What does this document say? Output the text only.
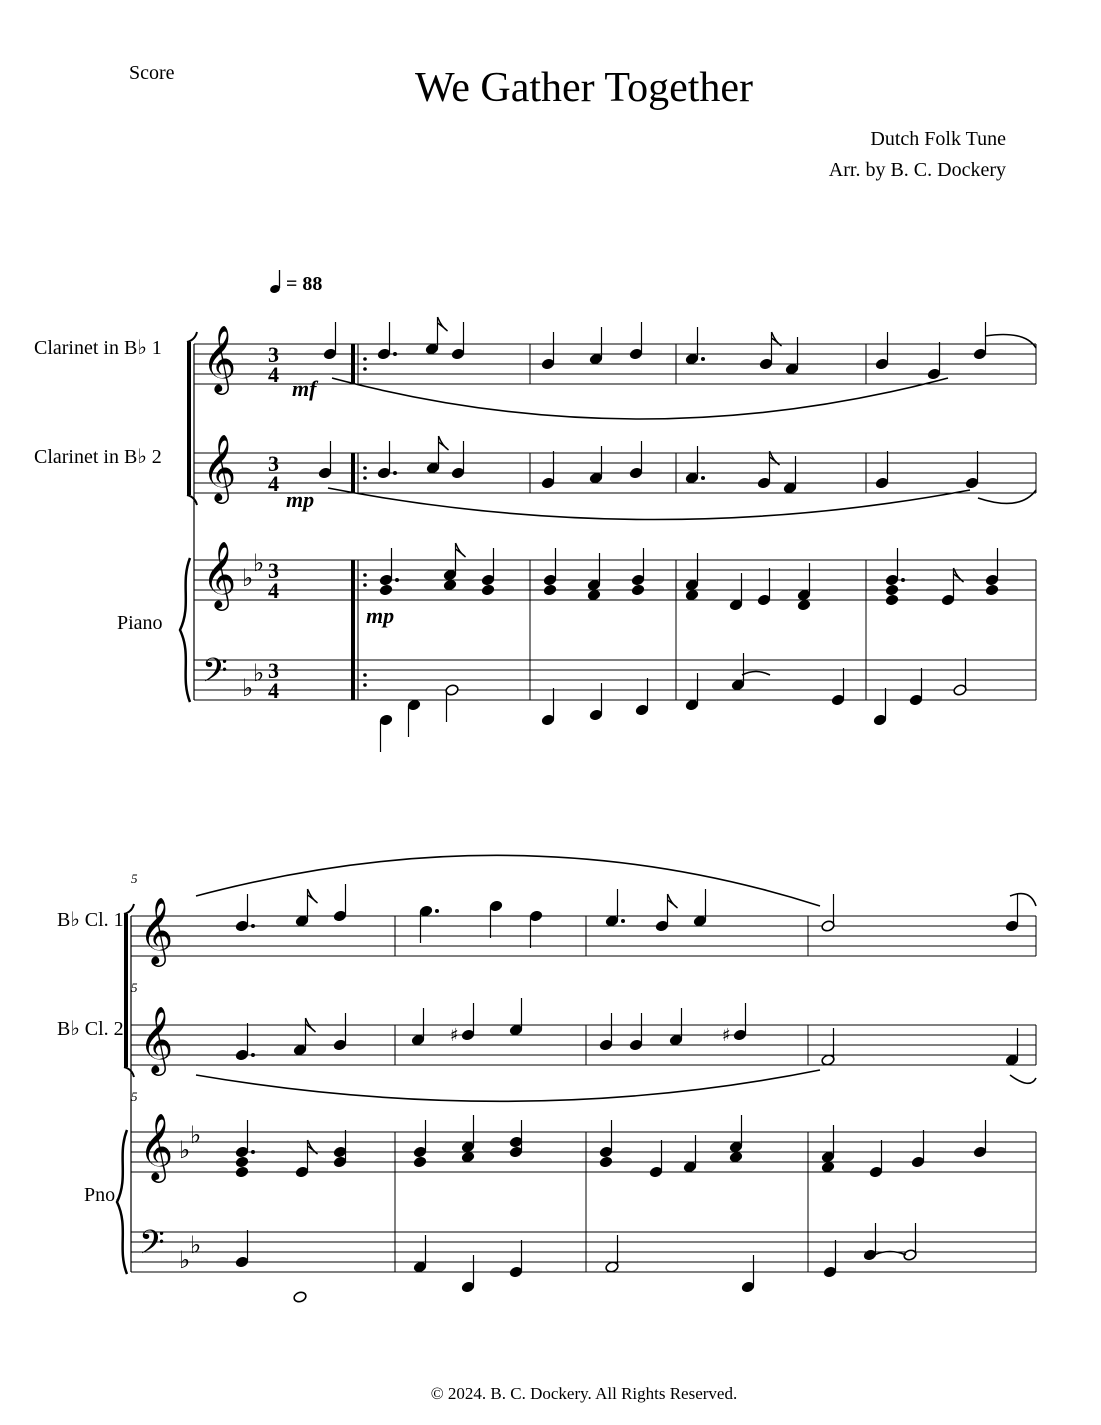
Score	We Gather Together
Dutch Folk Tune
Arr. by B. C. Dockery
= 88
Clarinet in B♭ 1
Clarinet in B♭ 2
Piano
B♭ Cl. 1
B♭ Cl. 2
Pno.
𝄞
𝄞
𝄞
𝄢
𝄞
𝄞
𝄞
𝄢
♭
♭
♭
♭
♭
♭
♭
♭
3
4
3
4
3
4
3
4
♯	♯
mf
mp
mp
5
5
5
© 2024. B. C. Dockery. All Rights Reserved.
